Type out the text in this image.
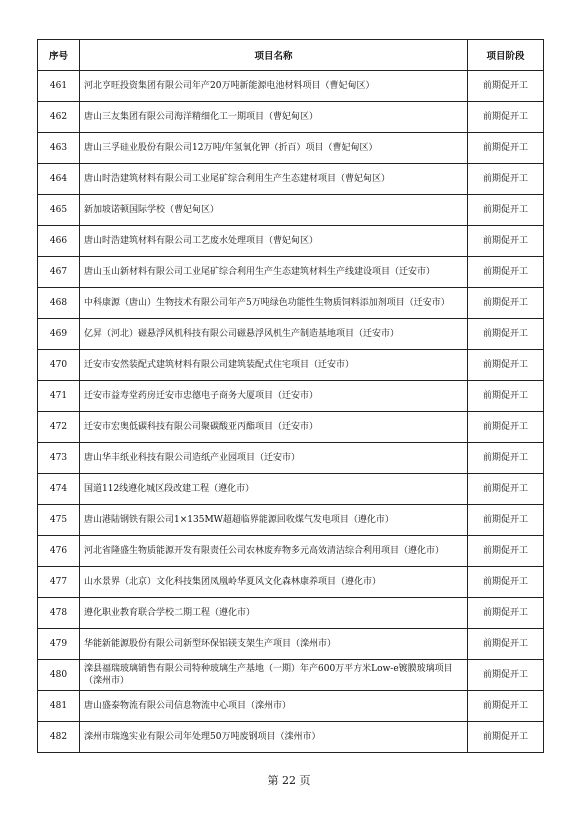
序号	项目名称	项目阶段
461	河北亨旺投资集团有限公司年产20万吨新能源电池材料项目（曹妃甸区）	前期促开工
462	唐山三友集团有限公司海洋精细化工一期项目（曹妃甸区）	前期促开工
463	唐山三孚硅业股份有限公司12万吨/年氢氧化钾（折百）项目（曹妃甸区）	前期促开工
464	唐山时浩建筑材料有限公司工业尾矿综合利用生产生态建材项目（曹妃甸区）	前期促开工
465	新加坡诺顿国际学校（曹妃甸区）	前期促开工
466	唐山时浩建筑材料有限公司工艺废水处理项目（曹妃甸区）	前期促开工
467	唐山玉山新材料有限公司工业尾矿综合利用生产生态建筑材料生产线建设项目（迁安市）	前期促开工
468	中科康源（唐山）生物技术有限公司年产5万吨绿色功能性生物质饲料添加剂项目（迁安市）	前期促开工
469	亿昇（河北）磁悬浮风机科技有限公司磁悬浮风机生产制造基地项目（迁安市）	前期促开工
470	迁安市安然装配式建筑材料有限公司建筑装配式住宅项目（迁安市）	前期促开工
471	迁安市益寿堂药房迁安市忠德电子商务大厦项目（迁安市）	前期促开工
472	迁安市宏奥低碳科技有限公司聚碳酸亚丙酯项目（迁安市）	前期促开工
473	唐山华丰纸业科技有限公司造纸产业园项目（迁安市）	前期促开工
474	国道112线遵化城区段改建工程（遵化市）	前期促开工
475	唐山港陆钢铁有限公司1×135MW超超临界能源回收煤气发电项目（遵化市）	前期促开工
476	河北省隆盛生物质能源开发有限责任公司农林废弃物多元高效清洁综合利用项目（遵化市）	前期促开工
477	山水景界（北京）文化科技集团凤凰岭华夏风文化森林康养项目（遵化市）	前期促开工
478	遵化职业教育联合学校二期工程（遵化市）	前期促开工
479	华能新能源股份有限公司新型环保铝镁支架生产项目（滦州市）	前期促开工
480	滦县福瑞玻璃销售有限公司特种玻璃生产基地（一期）年产600万平方米Low-e镀膜玻璃项目（滦州市）	前期促开工
481	唐山盛泰物流有限公司信息物流中心项目（滦州市）	前期促开工
482	滦州市瑞逸实业有限公司年处理50万吨废钢项目（滦州市）	前期促开工
第 22 页
